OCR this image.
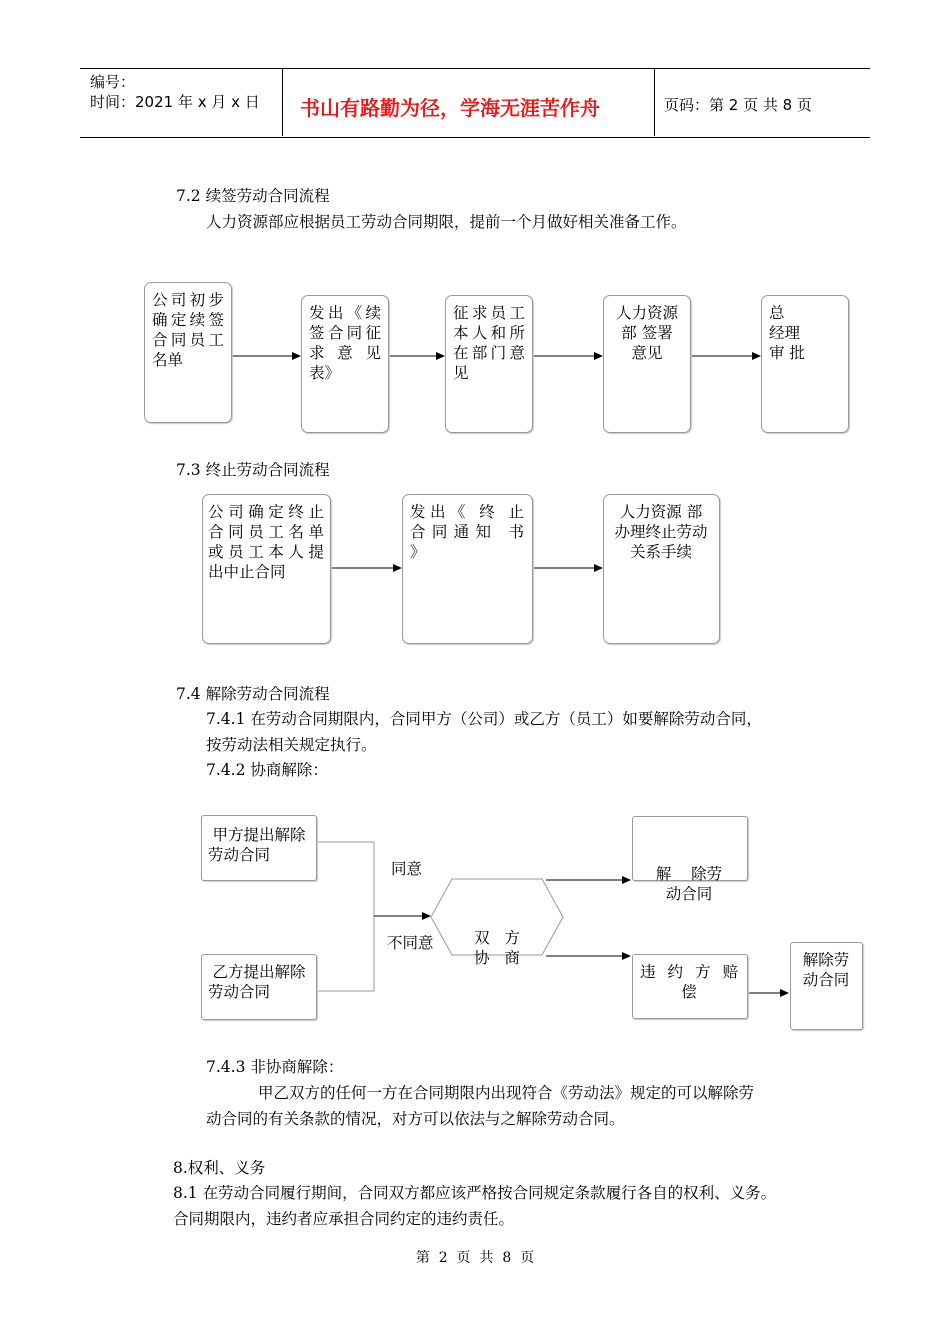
编号：
时间：2021 年 x 月 x 日 书山有路勤为径，学海无涯苦作舟	页码：第 2 页 共 8 页
7.2 续签劳动合同流程
人力资源部应根据员工劳动合同期限，提前一个月做好相关准备工作。
公司初步
确定续签
合同员工
名单
发出《续
签合同征
求 意 见
表》
征求员工
本人和所
在部门意
见
人力资源
部 签署
意见
总
经理
审 批
7.3 终止劳动合同流程
公司确定终止
合同员工名单
或员工本人提
出中止合同
发出《 终 止
合同通知 书
》
人力资源 部
办理终止劳动
关系手续
7.4 解除劳动合同流程
7.4.1 在劳动合同期限内，合同甲方（公司）或乙方（员工）如要解除劳动合同，
按劳动法相关规定执行。
7.4.2 协商解除：
甲方提出解除
劳动合同
乙方提出解除
劳动合同
同意
不同意

	双   方
协   商

解    除劳
动合同

违约方赔
偿
解除劳
动合同
7.4.3 非协商解除：
甲乙双方的任何一方在合同期限内出现符合《劳动法》规定的可以解除劳
动合同的有关条款的情况，对方可以依法与之解除劳动合同。
8.权利、义务
8.1 在劳动合同履行期间，合同双方都应该严格按合同规定条款履行各自的权利、义务。
合同期限内，违约者应承担合同约定的违约责任。
第  2  页  共  8  页
